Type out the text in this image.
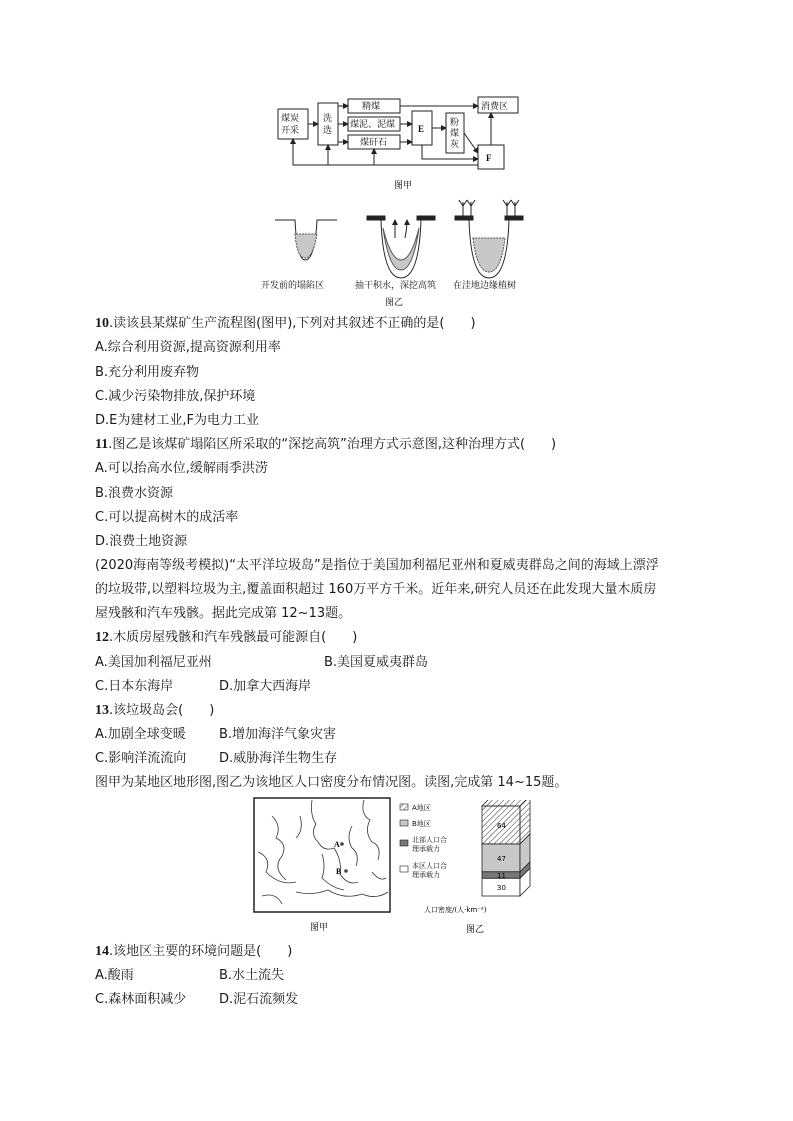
煤炭
开采
洗
选
精煤
煤泥、泥煤
煤矸石
E
粉
煤
灰
消费区
F
图甲
开发前的塌陷区	抽干积水，深挖高筑 在洼地边缘植树
图乙
10.读该县某煤矿生产流程图(图甲),下列对其叙述不正确的是(　　)
A.综合利用资源,提高资源利用率
B.充分利用废弃物
C.减少污染物排放,保护环境
D.E为建材工业,F为电力工业
11.图乙是该煤矿塌陷区所采取的“深挖高筑”治理方式示意图,这种治理方式(　　)
A.可以抬高水位,缓解雨季洪涝
B.浪费水资源
C.可以提高树木的成活率
D.浪费土地资源
(2020海南等级考模拟)“太平洋垃圾岛”是指位于美国加利福尼亚州和夏威夷群岛之间的海域上漂浮
的垃圾带,以塑料垃圾为主,覆盖面积超过 160万平方千米。近年来,研究人员还在此发现大量木质房
屋残骸和汽车残骸。据此完成第 12~13题。
12.木质房屋残骸和汽车残骸最可能源自(　　)
A.美国加利福尼亚州	B.美国夏威夷群岛
C.日本东海岸	D.加拿大西海岸
13.该垃圾岛会(　　)
A.加剧全球变暖	B.增加海洋气象灾害
C.影响洋流流向	D.威胁海洋生物生存
图甲为某地区地形图,图乙为该地区人口密度分布情况图。读图,完成第 14~15题。
A
B
图甲
A地区
B地区
北部人口合
理承载力
本区人口合
理承载力
30
11
47
64
人口密度/(人·km⁻²)
图乙
14.该地区主要的环境问题是(　　)
A.酸雨	B.水土流失
C.森林面积减少	D.泥石流频发
